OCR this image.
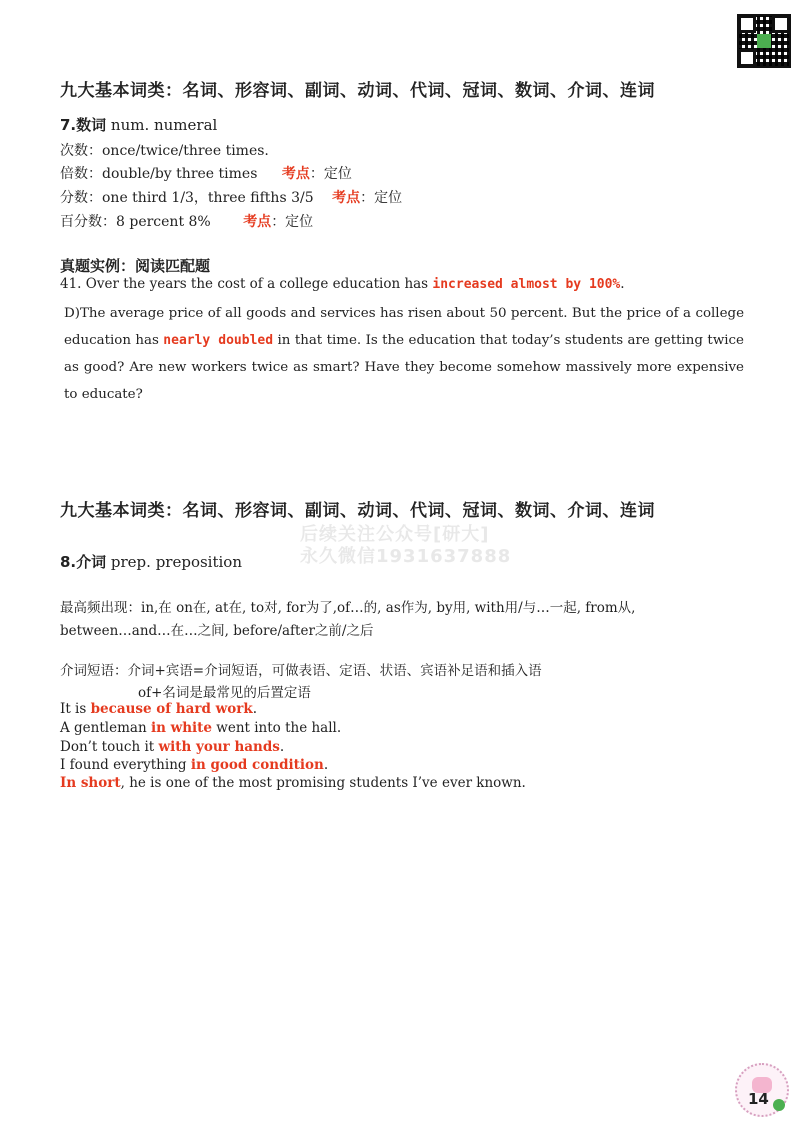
九大基本词类：名词、形容词、副词、动词、代词、冠词、数词、介词、连词
7.数词 num. numeral
次数：once/twice/three times.
倍数：double/by three times 考点：定位
分数：one third 1/3，three fifths 3/5 考点：定位
百分数：8 percent 8% 考点：定位
真题实例：阅读匹配题
41. Over the years the cost of a college education has increased almost by 100%.
D)The average price of all goods and services has risen about 50 percent. But the price of a college education has nearly doubled in that time. Is the education that today’s students are getting twice as good? Are new workers twice as smart? Have they become somehow massively more expensive to educate?
九大基本词类：名词、形容词、副词、动词、代词、冠词、数词、介词、连词
后续关注公众号[研大]
永久微信1931637888
8.介词 prep. preposition
最高频出现：in,在 on在, at在, to对, for为了,of…的, as作为, by用, with用/与…一起, from从,
between…and…在…之间, before/after之前/之后
介词短语：介词+宾语=介词短语，可做表语、定语、状语、宾语补足语和插入语
of+名词是最常见的后置定语
It is because of hard work.
A gentleman in white went into the hall.
Don’t touch it with your hands.
I found everything in good condition.
In short, he is one of the most promising students I’ve ever known.
14
